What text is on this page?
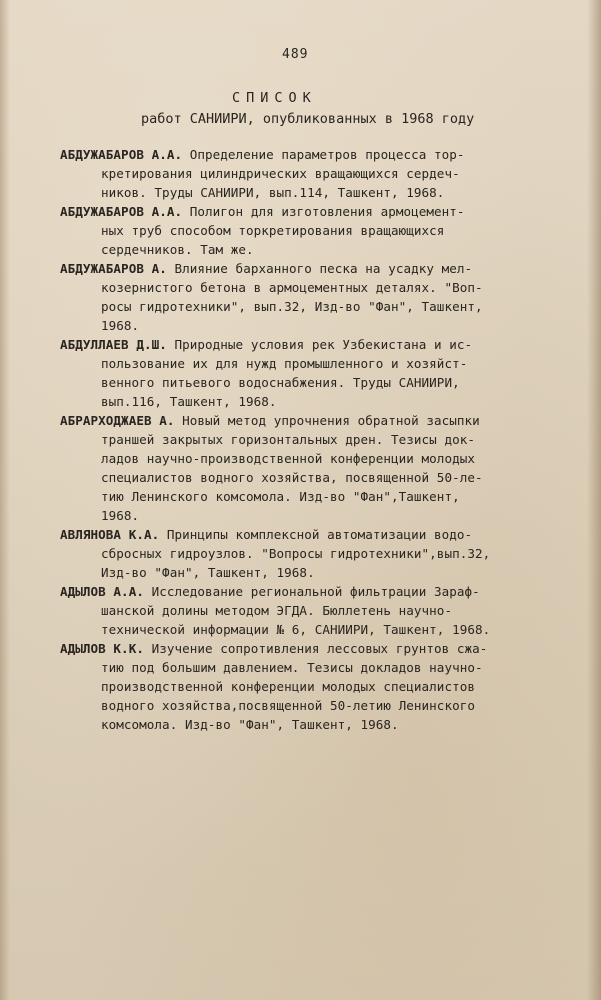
489
СПИСОК
работ САНИИРИ, опубликованных в 1968 году
АБДУЖАБАРОВ А.А. Определение параметров процесса тор-
кретирования цилиндрических вращающихся сердеч-
ников. Труды САНИИРИ, вып.114, Ташкент, 1968.
АБДУЖАБАРОВ А.А. Полигон для изготовления армоцемент-
ных труб способом торкретирования вращающихся
сердечников. Там же.
АБДУЖАБАРОВ А. Влияние барханного песка на усадку мел-
козернистого бетона в армоцементных деталях. "Воп-
росы гидротехники", вып.32, Изд-во "Фан", Ташкент,
1968.
АБДУЛЛАЕВ Д.Ш. Природные условия рек Узбекистана и ис-
пользование их для нужд промышленного и хозяйст-
венного питьевого водоснабжения. Труды САНИИРИ,
вып.116, Ташкент, 1968.
АБРАРХОДЖАЕВ А. Новый метод упрочнения обратной засыпки
траншей закрытых горизонтальных дрен. Тезисы док-
ладов научно-производственной конференции молодых
специалистов водного хозяйства, посвященной 50-ле-
тию Ленинского комсомола. Изд-во "Фан",Ташкент,
1968.
АВЛЯНОВА К.А. Принципы комплексной автоматизации водо-
сбросных гидроузлов. "Вопросы гидротехники",вып.32,
Изд-во "Фан", Ташкент, 1968.
АДЫЛОВ А.А. Исследование региональной фильтрации Зараф-
шанской долины методом ЭГДА. Бюллетень научно-
технической информации № 6, САНИИРИ, Ташкент, 1968.
АДЫЛОВ К.К. Изучение сопротивления лессовых грунтов сжа-
тию под большим давлением. Тезисы докладов научно-
производственной конференции молодых специалистов
водного хозяйства,посвященной 50-летию Ленинского
комсомола. Изд-во "Фан", Ташкент, 1968.
